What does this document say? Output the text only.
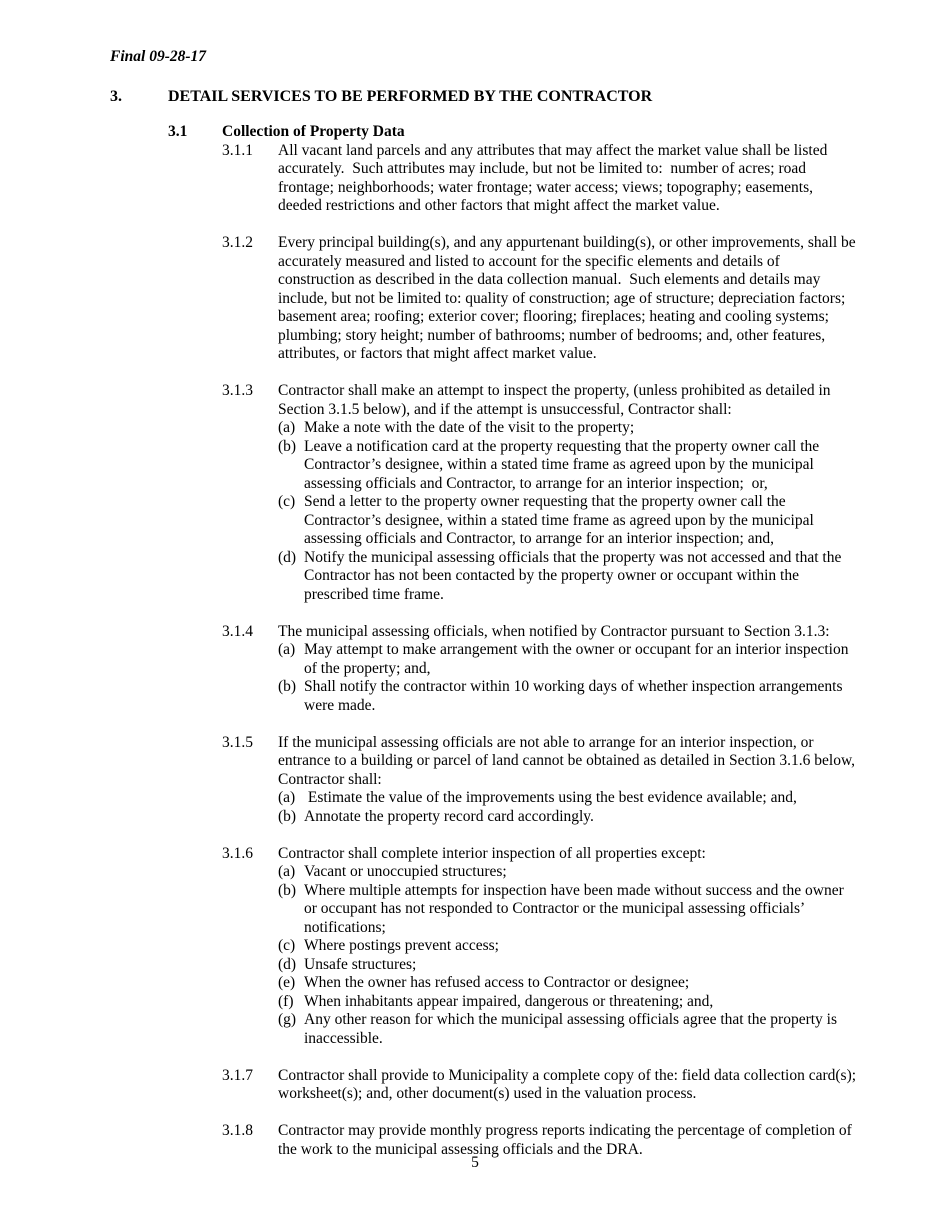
Final 09-28-17
3.	DETAIL SERVICES TO BE PERFORMED BY THE CONTRACTOR
3.1	Collection of Property Data
3.1.1	All vacant land parcels and any attributes that may affect the market value shall be listed accurately.  Such attributes may include, but not be limited to:  number of acres; road frontage; neighborhoods; water frontage; water access; views; topography; easements, deeded restrictions and other factors that might affect the market value.
3.1.2	Every principal building(s), and any appurtenant building(s), or other improvements, shall be accurately measured and listed to account for the specific elements and details of construction as described in the data collection manual.  Such elements and details may include, but not be limited to: quality of construction; age of structure; depreciation factors;  basement area; roofing; exterior cover; flooring; fireplaces; heating and cooling systems; plumbing; story height; number of bathrooms; number of bedrooms; and, other features, attributes, or factors that might affect market value.
3.1.3	Contractor shall make an attempt to inspect the property, (unless prohibited as detailed in Section 3.1.5 below), and if the attempt is unsuccessful, Contractor shall:
(a) Make a note with the date of the visit to the property;
(b) Leave a notification card at the property requesting that the property owner call the Contractor’s designee, within a stated time frame as agreed upon by the municipal assessing officials and Contractor, to arrange for an interior inspection;  or,
(c) Send a letter to the property owner requesting that the property owner call the Contractor’s designee, within a stated time frame as agreed upon by the municipal assessing officials and Contractor, to arrange for an interior inspection; and,
(d) Notify the municipal assessing officials that the property was not accessed and that the Contractor has not been contacted by the property owner or occupant within the prescribed time frame.
3.1.4	The municipal assessing officials, when notified by Contractor pursuant to Section 3.1.3:
(a) May attempt to make arrangement with the owner or occupant for an interior inspection of the property; and,
(b) Shall notify the contractor within 10 working days of whether inspection arrangements were made.
3.1.5	If the municipal assessing officials are not able to arrange for an interior inspection, or entrance to a building or parcel of land cannot be obtained as detailed in Section 3.1.6 below, Contractor shall:
(a) Estimate the value of the improvements using the best evidence available; and,
(b) Annotate the property record card accordingly.
3.1.6	Contractor shall complete interior inspection of all properties except:
(a) Vacant or unoccupied structures;
(b) Where multiple attempts for inspection have been made without success and the owner or occupant has not responded to Contractor or the municipal assessing officials’ notifications;
(c) Where postings prevent access;
(d) Unsafe structures;
(e) When the owner has refused access to Contractor or designee;
(f) When inhabitants appear impaired, dangerous or threatening; and,
(g) Any other reason for which the municipal assessing officials agree that the property is inaccessible.
3.1.7	Contractor shall provide to Municipality a complete copy of the: field data collection card(s); worksheet(s); and, other document(s) used in the valuation process.
3.1.8	Contractor may provide monthly progress reports indicating the percentage of completion of the work to the municipal assessing officials and the DRA.
5
